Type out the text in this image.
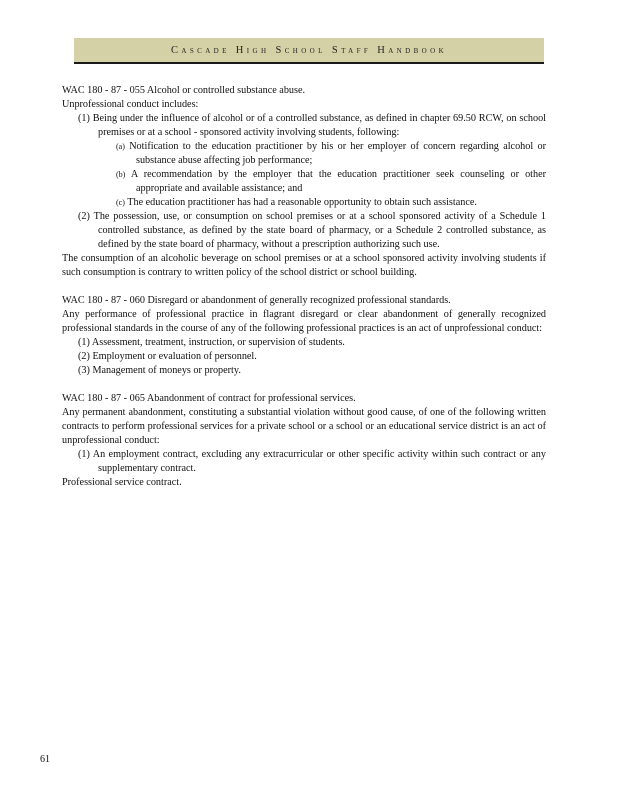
Cascade High School Staff Handbook

WAC 180 - 87 - 055 Alcohol or controlled substance abuse.

Unprofessional conduct includes:

(1) Being under the influence of alcohol or of a controlled substance, as defined in chapter 69.50 RCW, on school premises or at a school - sponsored activity involving students, following:

(a) Notification to the education practitioner by his or her employer of concern regarding alcohol or substance abuse affecting job performance;

(b) A recommendation by the employer that the education practitioner seek counseling or other appropriate and available assistance; and

(c) The education practitioner has had a reasonable opportunity to obtain such assistance.

(2) The possession, use, or consumption on school premises or at a school sponsored activity of a Schedule 1 controlled substance, as defined by the state board of pharmacy, or a Schedule 2 controlled substance, as defined by the state board of pharmacy, without a prescription authorizing such use.

The consumption of an alcoholic beverage on school premises or at a school sponsored activity involving students if such consumption is contrary to written policy of the school district or school building.

WAC 180 - 87 - 060 Disregard or abandonment of generally recognized professional standards.

Any performance of professional practice in flagrant disregard or clear abandonment of generally recognized professional standards in the course of any of the following professional practices is an act of unprofessional conduct:

(1) Assessment, treatment, instruction, or supervision of students.

(2) Employment or evaluation of personnel.

(3) Management of moneys or property.

WAC 180 - 87 - 065 Abandonment of contract for professional services.

Any permanent abandonment, constituting a substantial violation without good cause, of one of the following written contracts to perform professional services for a private school or a school or an educational service district is an act of unprofessional conduct:

(1) An employment contract, excluding any extracurricular or other specific activity within such contract or any supplementary contract.

Professional service contract.

61
